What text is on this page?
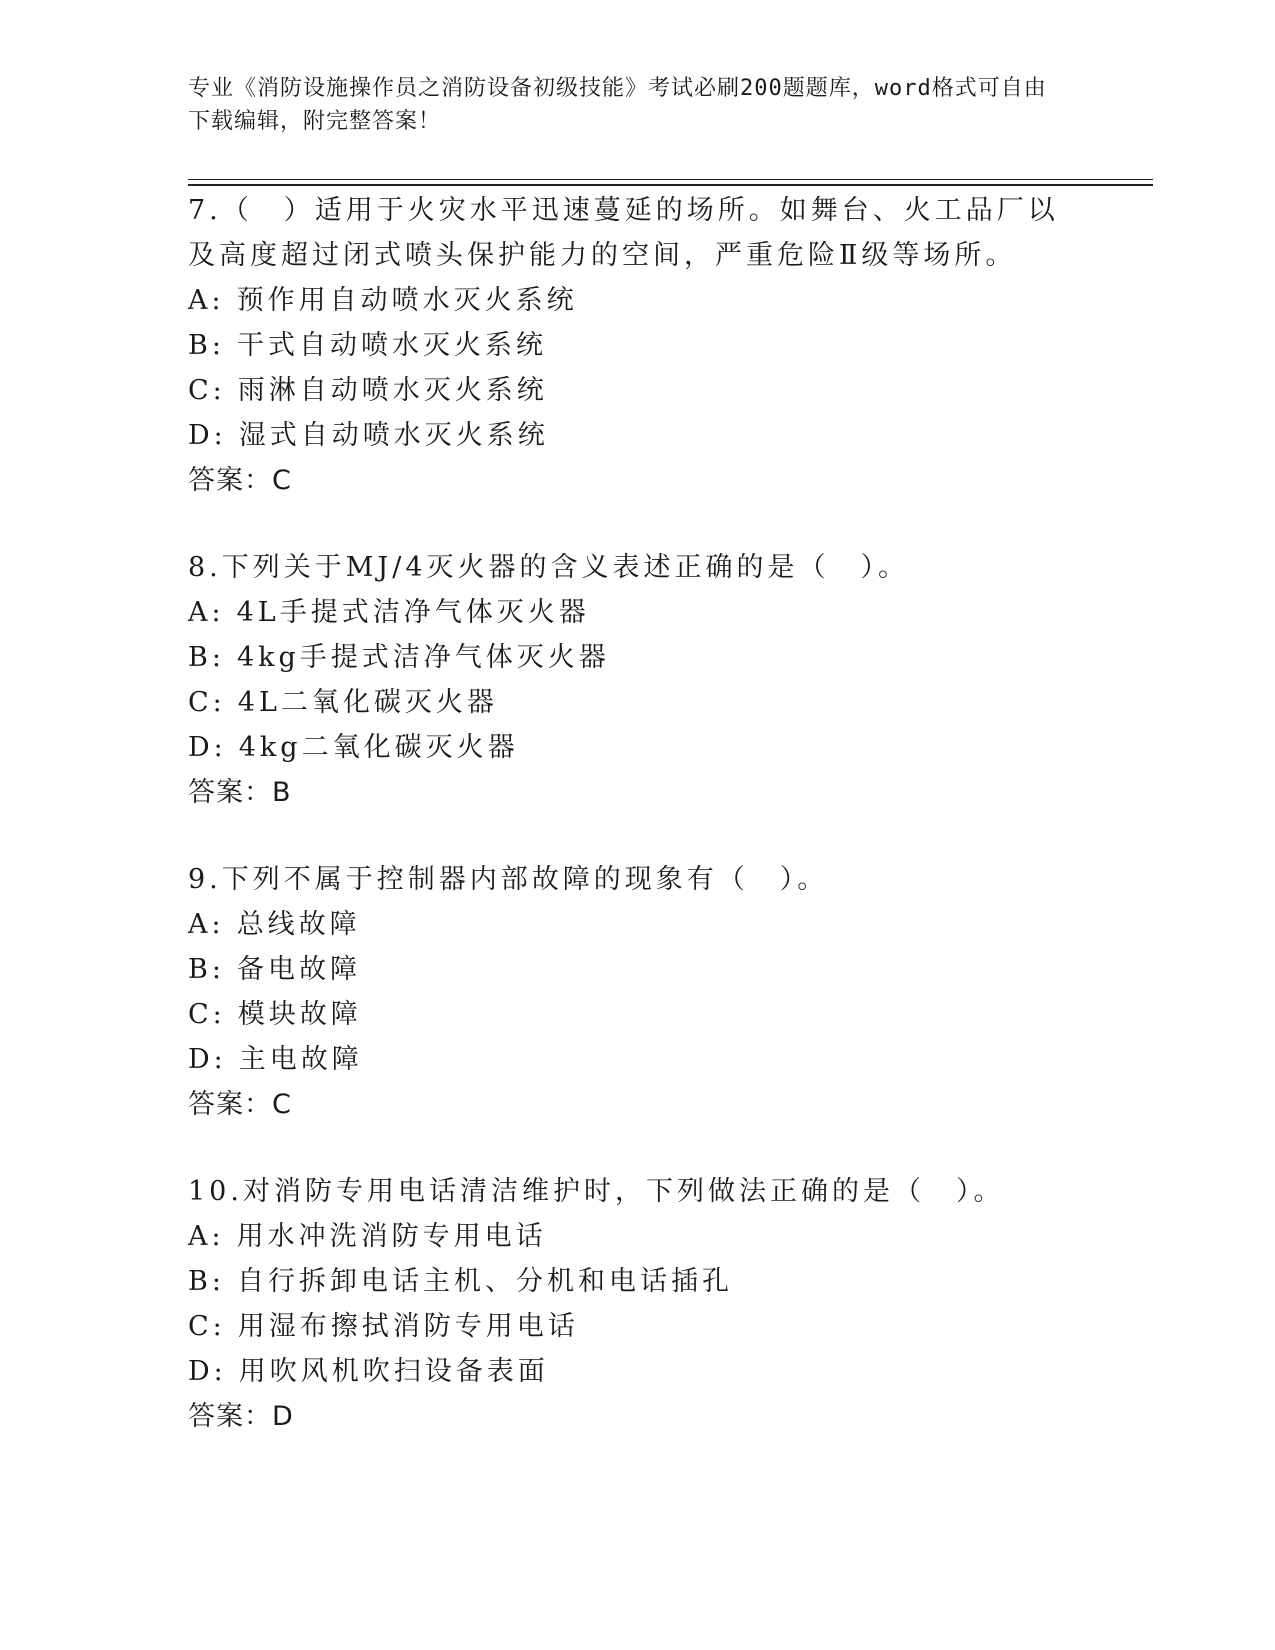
专业《消防设施操作员之消防设备初级技能》考试必刷200题题库，word格式可自由下载编辑，附完整答案！

7.（　）适用于火灾水平迅速蔓延的场所。如舞台、火工品厂以及高度超过闭式喷头保护能力的空间，严重危险Ⅱ级等场所。

A: 预作用自动喷水灭火系统

B: 干式自动喷水灭火系统

C: 雨淋自动喷水灭火系统

D: 湿式自动喷水灭火系统

答案：C

8.下列关于MJ/4灭火器的含义表述正确的是（　）。

A: 4L手提式洁净气体灭火器

B: 4kg手提式洁净气体灭火器

C: 4L二氧化碳灭火器

D: 4kg二氧化碳灭火器

答案：B

9.下列不属于控制器内部故障的现象有（　）。

A: 总线故障

B: 备电故障

C: 模块故障

D: 主电故障

答案：C

10.对消防专用电话清洁维护时，下列做法正确的是（　）。

A: 用水冲洗消防专用电话

B: 自行拆卸电话主机、分机和电话插孔

C: 用湿布擦拭消防专用电话

D: 用吹风机吹扫设备表面

答案：D
